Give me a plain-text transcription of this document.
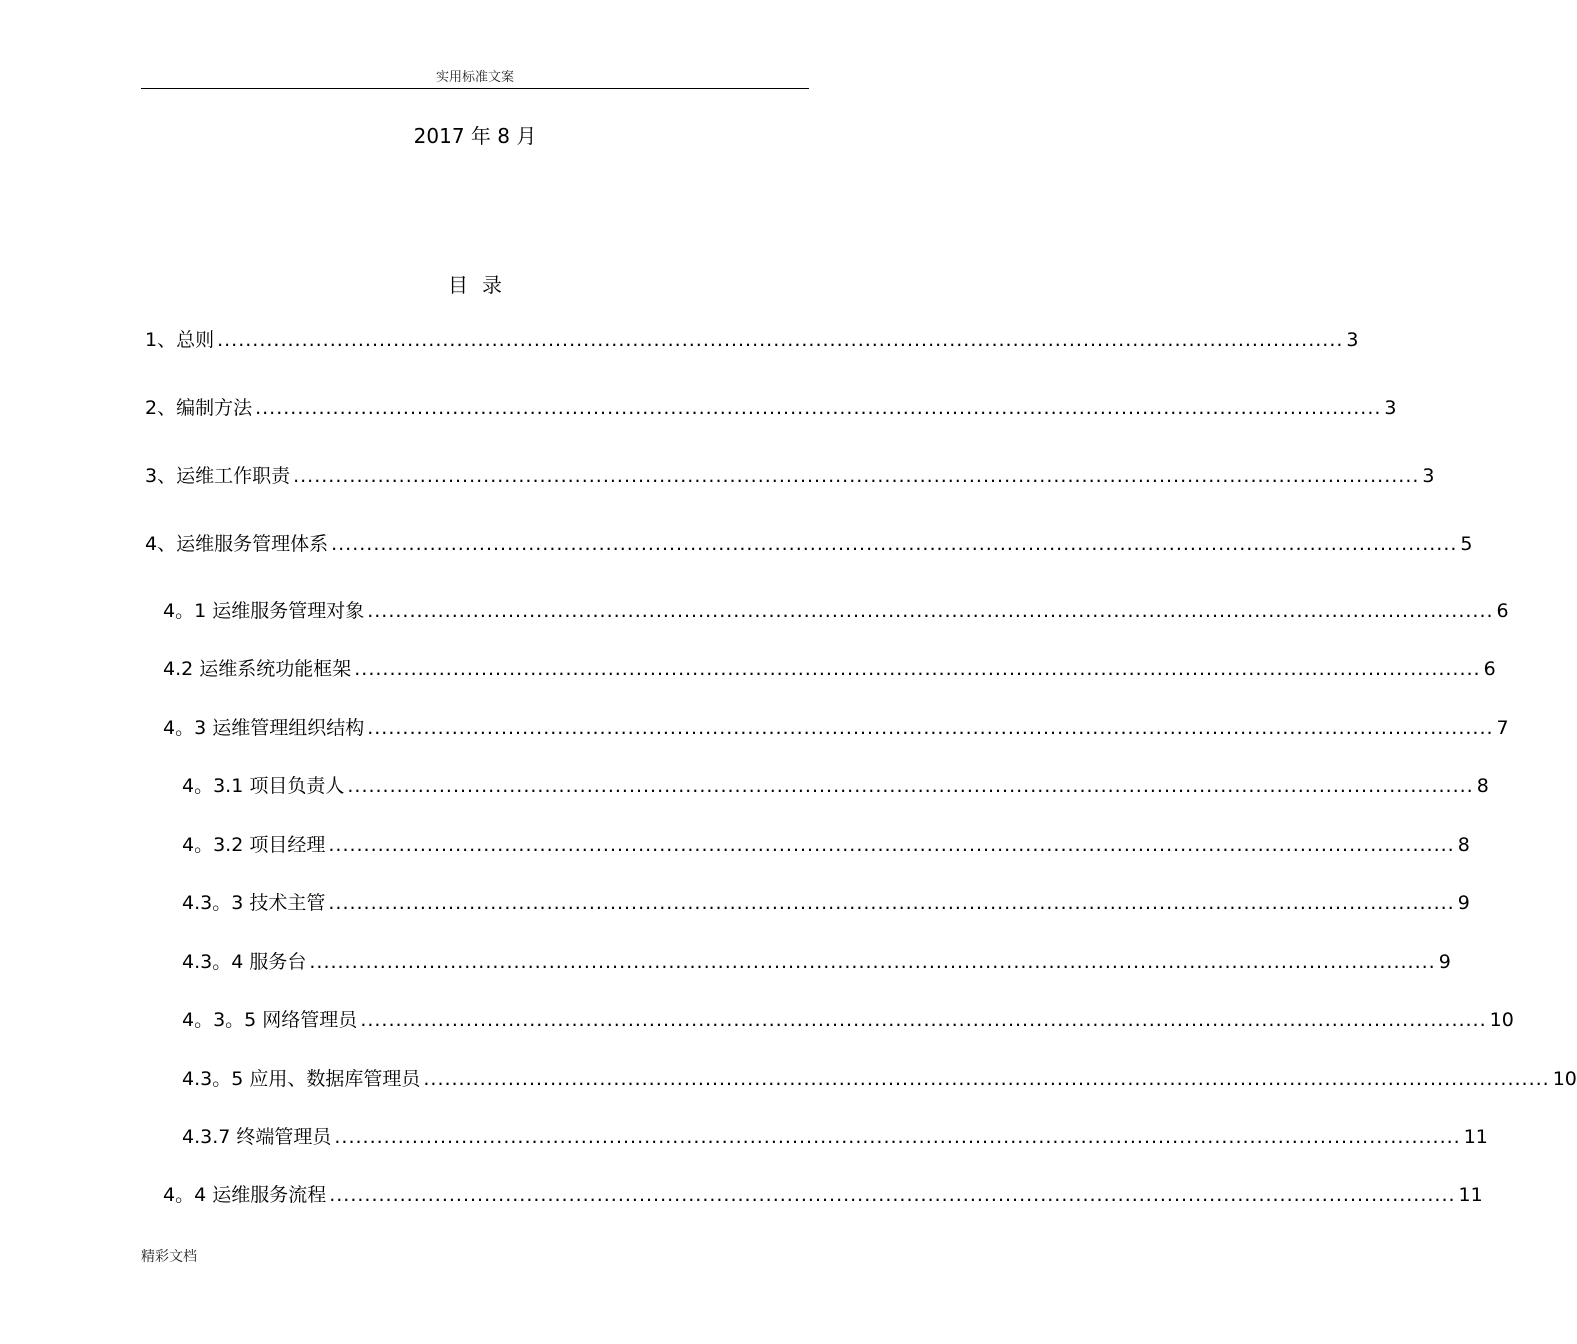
实用标准文案
2017 年 8 月
目录
1、总则 ................................................................................................................................................................ 3
2、编制方法 ................................................................................................................................................................ 3
3、运维工作职责 ................................................................................................................................................................ 3
4、运维服务管理体系 ................................................................................................................................................................ 5
4。1 运维服务管理对象 ................................................................................................................................................................ 6
4.2 运维系统功能框架 ................................................................................................................................................................ 6
4。3 运维管理组织结构 ................................................................................................................................................................ 7
4。3.1 项目负责人 ................................................................................................................................................................ 8
4。3.2 项目经理 ................................................................................................................................................................ 8
4.3。3 技术主管 ................................................................................................................................................................ 9
4.3。4 服务台 ................................................................................................................................................................ 9
4。3。5 网络管理员 ................................................................................................................................................................ 10
4.3。5 应用、数据库管理员 ................................................................................................................................................................ 10
4.3.7 终端管理员 ................................................................................................................................................................ 11
4。4 运维服务流程 ................................................................................................................................................................ 11
精彩文档
